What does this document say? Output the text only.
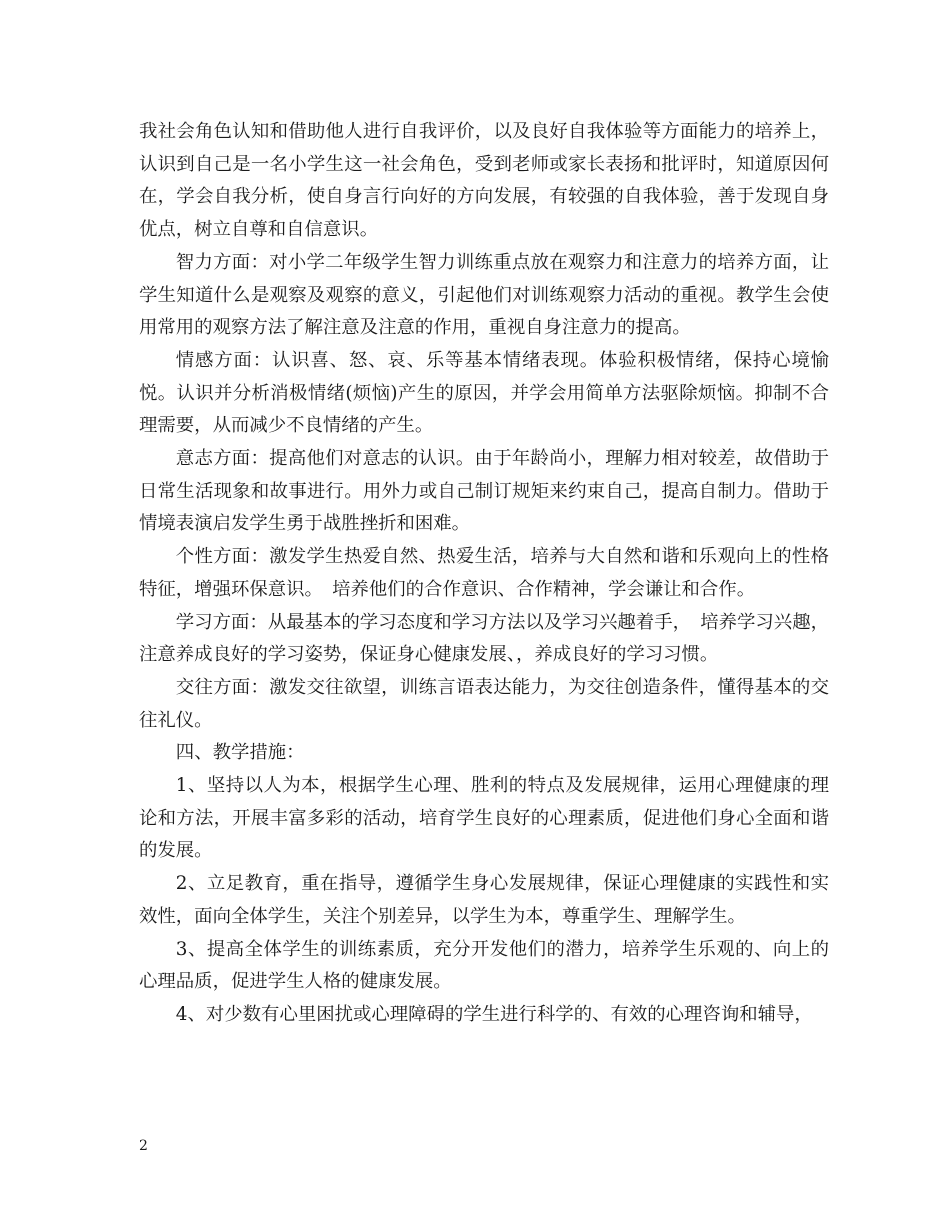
我社会角色认知和借助他人进行自我评价，以及良好自我体验等方面能力的培养上，认识到自己是一名小学生这一社会角色，受到老师或家长表扬和批评时，知道原因何在，学会自我分析，使自身言行向好的方向发展，有较强的自我体验，善于发现自身优点，树立自尊和自信意识。

智力方面：对小学二年级学生智力训练重点放在观察力和注意力的培养方面，让学生知道什么是观察及观察的意义，引起他们对训练观察力活动的重视。教学生会使用常用的观察方法了解注意及注意的作用，重视自身注意力的提高。

情感方面：认识喜、怒、哀、乐等基本情绪表现。体验积极情绪，保持心境愉悦。认识并分析消极情绪(烦恼)产生的原因，并学会用简单方法驱除烦恼。抑制不合理需要，从而减少不良情绪的产生。

意志方面：提高他们对意志的认识。由于年龄尚小，理解力相对较差，故借助于日常生活现象和故事进行。用外力或自己制订规矩来约束自己，提高自制力。借助于情境表演启发学生勇于战胜挫折和困难。

个性方面：激发学生热爱自然、热爱生活，培养与大自然和谐和乐观向上的性格特征，增强环保意识。　培养他们的合作意识、合作精神，学会谦让和合作。

学习方面：从最基本的学习态度和学习方法以及学习兴趣着手，　培养学习兴趣，注意养成良好的学习姿势，保证身心健康发展、，养成良好的学习习惯。

交往方面：激发交往欲望，训练言语表达能力，为交往创造条件，懂得基本的交往礼仪。

四、教学措施：

1、坚持以人为本，根据学生心理、胜利的特点及发展规律，运用心理健康的理论和方法，开展丰富多彩的活动，培育学生良好的心理素质，促进他们身心全面和谐的发展。

2、立足教育，重在指导，遵循学生身心发展规律，保证心理健康的实践性和实效性，面向全体学生，关注个别差异，以学生为本，尊重学生、理解学生。

3、提高全体学生的训练素质，充分开发他们的潜力，培养学生乐观的、向上的心理品质，促进学生人格的健康发展。

4、对少数有心里困扰或心理障碍的学生进行科学的、有效的心理咨询和辅导，

2
